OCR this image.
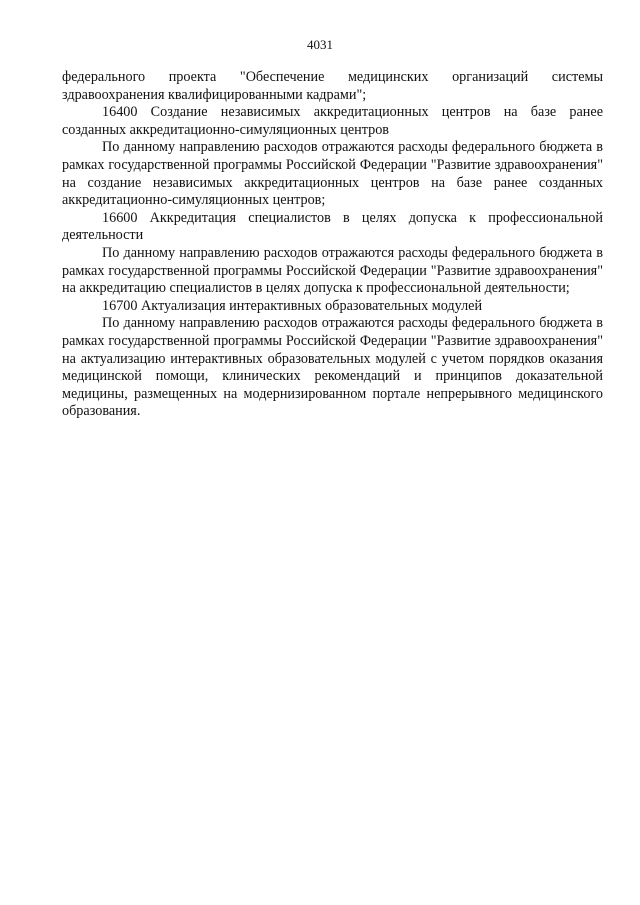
4031

федерального проекта "Обеспечение медицинских организаций системы здравоохранения квалифицированными кадрами";

16400 Создание независимых аккредитационных центров на базе ранее созданных аккредитационно-симуляционных центров

По данному направлению расходов отражаются расходы федерального бюджета в рамках государственной программы Российской Федерации "Развитие здравоохранения" на создание независимых аккредитационных центров на базе ранее созданных аккредитационно-симуляционных центров;

16600 Аккредитация специалистов в целях допуска к профессиональной деятельности

По данному направлению расходов отражаются расходы федерального бюджета в рамках государственной программы Российской Федерации "Развитие здравоохранения" на аккредитацию специалистов в целях допуска к профессиональной деятельности;

16700 Актуализация интерактивных образовательных модулей

По данному направлению расходов отражаются расходы федерального бюджета в рамках государственной программы Российской Федерации "Развитие здравоохранения" на актуализацию интерактивных образовательных модулей с учетом порядков оказания медицинской помощи, клинических рекомендаций и принципов доказательной медицины, размещенных на модернизированном портале непрерывного медицинского образования.
